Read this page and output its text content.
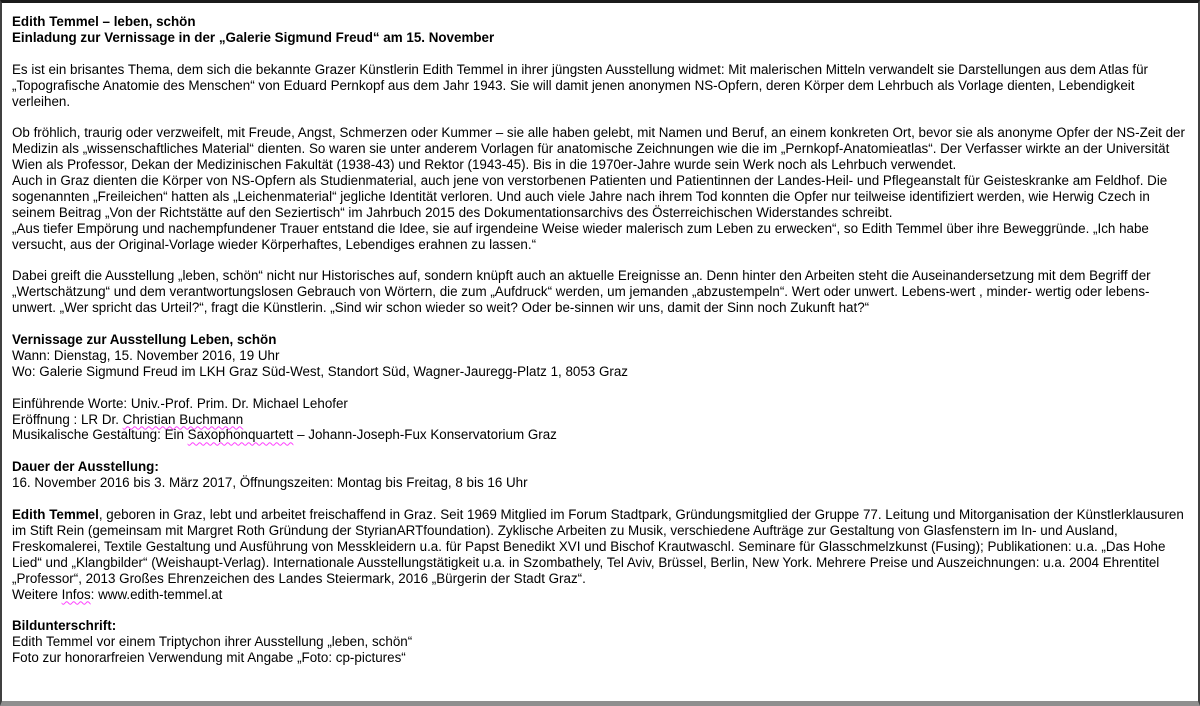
Edith Temmel – leben, schön
Einladung zur Vernissage in der „Galerie Sigmund Freud“ am 15. November

Es ist ein brisantes Thema, dem sich die bekannte Grazer Künstlerin Edith Temmel in ihrer jüngsten Ausstellung widmet: Mit malerischen Mitteln verwandelt sie Darstellungen aus dem Atlas für „Topografische Anatomie des Menschen“ von Eduard Pernkopf aus dem Jahr 1943. Sie will damit jenen anonymen NS-Opfern, deren Körper dem Lehrbuch als Vorlage dienten, Lebendigkeit verleihen.

Ob fröhlich, traurig oder verzweifelt, mit Freude, Angst, Schmerzen oder Kummer – sie alle haben gelebt, mit Namen und Beruf, an einem konkreten Ort, bevor sie als anonyme Opfer der NS-Zeit der Medizin als „wissenschaftliches Material“ dienten. So waren sie unter anderem Vorlagen für anatomische Zeichnungen wie die im „Pernkopf-Anatomieatlas“. Der Verfasser wirkte an der Universität Wien als Professor, Dekan der Medizinischen Fakultät (1938-43) und Rektor (1943-45). Bis in die 1970er-Jahre wurde sein Werk noch als Lehrbuch verwendet.

Auch in Graz dienten die Körper von NS-Opfern als Studienmaterial, auch jene von verstorbenen Patienten und Patientinnen der Landes-Heil- und Pflegeanstalt für Geisteskranke am Feldhof. Die sogenannten „Freileichen“ hatten als „Leichenmaterial“ jegliche Identität verloren. Und auch viele Jahre nach ihrem Tod konnten die Opfer nur teilweise identifiziert werden, wie Herwig Czech in seinem Beitrag „Von der Richtstätte auf den Seziertisch“ im Jahrbuch 2015 des Dokumentationsarchivs des Österreichischen Widerstandes schreibt.

„Aus tiefer Empörung und nachempfundener Trauer entstand die Idee, sie auf irgendeine Weise wieder malerisch zum Leben zu erwecken“, so Edith Temmel über ihre Beweggründe. „Ich habe versucht, aus der Original-Vorlage wieder Körperhaftes, Lebendiges erahnen zu lassen.“

Dabei greift die Ausstellung „leben, schön“ nicht nur Historisches auf, sondern knüpft auch an aktuelle Ereignisse an. Denn hinter den Arbeiten steht die Auseinandersetzung mit dem Begriff der „Wertschätzung“ und dem verantwortungslosen Gebrauch von Wörtern, die zum „Aufdruck“ werden, um jemanden „abzustempeln“. Wert oder unwert. Lebens-wert , minder- wertig oder lebens-unwert. „Wer spricht das Urteil?“, fragt die Künstlerin. „Sind wir schon wieder so weit? Oder be-sinnen wir uns, damit der Sinn noch Zukunft hat?“

Vernissage zur Ausstellung Leben, schön

Wann: Dienstag, 15. November 2016, 19 Uhr

Wo: Galerie Sigmund Freud im LKH Graz Süd-West, Standort Süd, Wagner-Jauregg-Platz 1, 8053 Graz

Einführende Worte: Univ.-Prof. Prim. Dr. Michael Lehofer

Eröffnung : LR Dr. Christian Buchmann

Musikalische Gestaltung: Ein Saxophonquartett – Johann-Joseph-Fux Konservatorium Graz

Dauer der Ausstellung:

16. November 2016 bis 3. März 2017, Öffnungszeiten: Montag bis Freitag, 8 bis 16 Uhr

Edith Temmel, geboren in Graz, lebt und arbeitet freischaffend in Graz. Seit 1969 Mitglied im Forum Stadtpark, Gründungsmitglied der Gruppe 77. Leitung und Mitorganisation der Künstlerklausuren im Stift Rein (gemeinsam mit Margret Roth Gründung der StyrianARTfoundation). Zyklische Arbeiten zu Musik, verschiedene Aufträge zur Gestaltung von Glasfenstern im In- und Ausland, Freskomalerei, Textile Gestaltung und Ausführung von Messkleidern u.a. für Papst Benedikt XVI und Bischof Krautwaschl. Seminare für Glasschmelzkunst (Fusing); Publikationen: u.a. „Das Hohe Lied“ und „Klangbilder“ (Weishaupt-Verlag). Internationale Ausstellungstätigkeit u.a. in Szombathely, Tel Aviv, Brüssel, Berlin, New York. Mehrere Preise und Auszeichnungen: u.a. 2004 Ehrentitel „Professor“, 2013 Großes Ehrenzeichen des Landes Steiermark, 2016 „Bürgerin der Stadt Graz“.

Weitere Infos: www.edith-temmel.at

Bildunterschrift:

Edith Temmel vor einem Triptychon ihrer Ausstellung „leben, schön“

Foto zur honorarfreien Verwendung mit Angabe „Foto: cp-pictures“
